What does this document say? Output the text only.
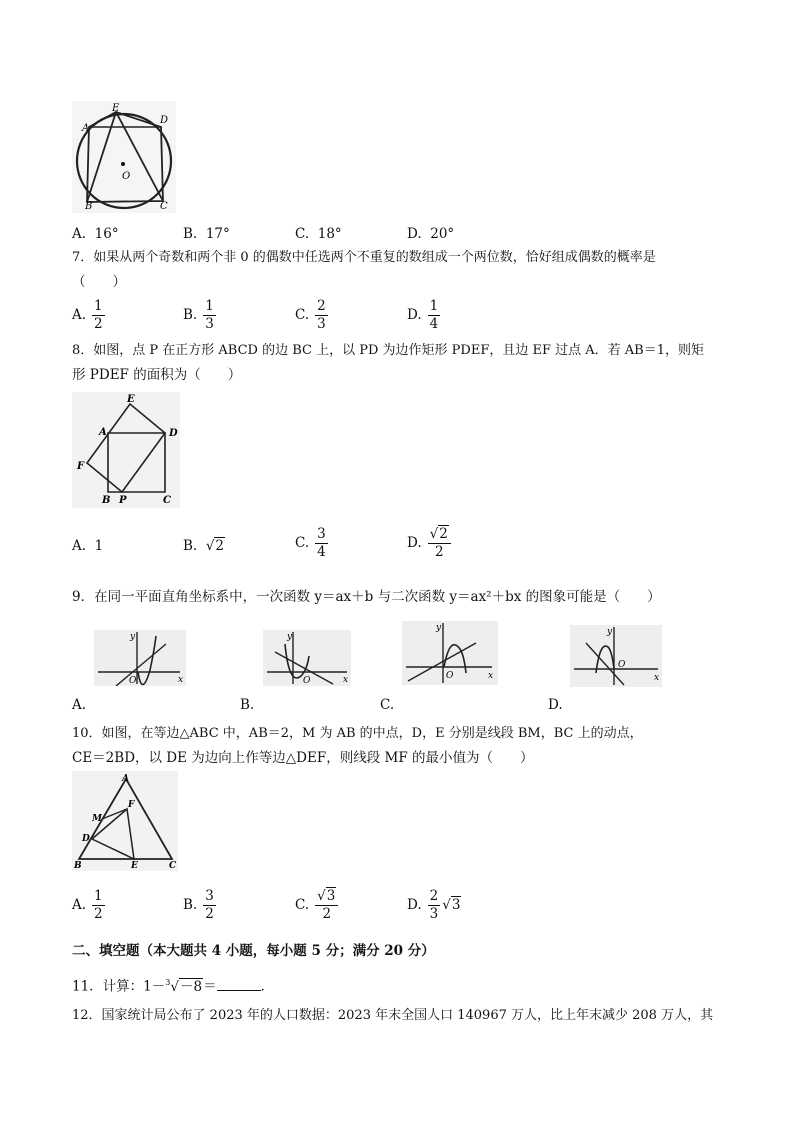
A
E
D
O
B	C
A. 16°	B. 17°	C. 18°	D. 20°
7．如果从两个奇数和两个非 0 的偶数中任选两个不重复的数组成一个两位数，恰好组成偶数的概率是
（　　）
A. $\frac{1}{2}$	B. $\frac{1}{3}$	C. $\frac{2}{3}$	D. $\frac{1}{4}$
8．如图，点 P 在正方形 ABCD 的边 BC 上，以 PD 为边作矩形 PDEF，且边 EF 过点 A．若 AB＝1，则矩
形 PDEF 的面积为（　　）
E
A	D
F
B P	C
A. 1	B. √2	C. $\frac{3}{4}$	D. $\frac{√2}{2}$
9．在同一平面直角坐标系中，一次函数 y＝ax＋b 与二次函数 y＝ax²＋bx 的图象可能是（　　）
y
x
O
y
x
O
y
x
O
y
x
O
A.	B.	C.	D.
10．如图，在等边△ABC 中，AB＝2，M 为 AB 的中点，D，E 分别是线段 BM，BC 上的动点，
CE＝2BD，以 DE 为边向上作等边△DEF，则线段 MF 的最小值为（　　）
A
F
M
D
B	E	C
A. $\frac{1}{2}$	B. $\frac{3}{2}$	C. $\frac{√3}{2}$	D. $\frac{2}{3} √3$
二、填空题（本大题共 4 小题，每小题 5 分；满分 20 分）
11．计算：1－$^3$√－8＝	．
12．国家统计局公布了 2023 年的人口数据：2023 年末全国人口 140967 万人，比上年末减少 208 万人，其
